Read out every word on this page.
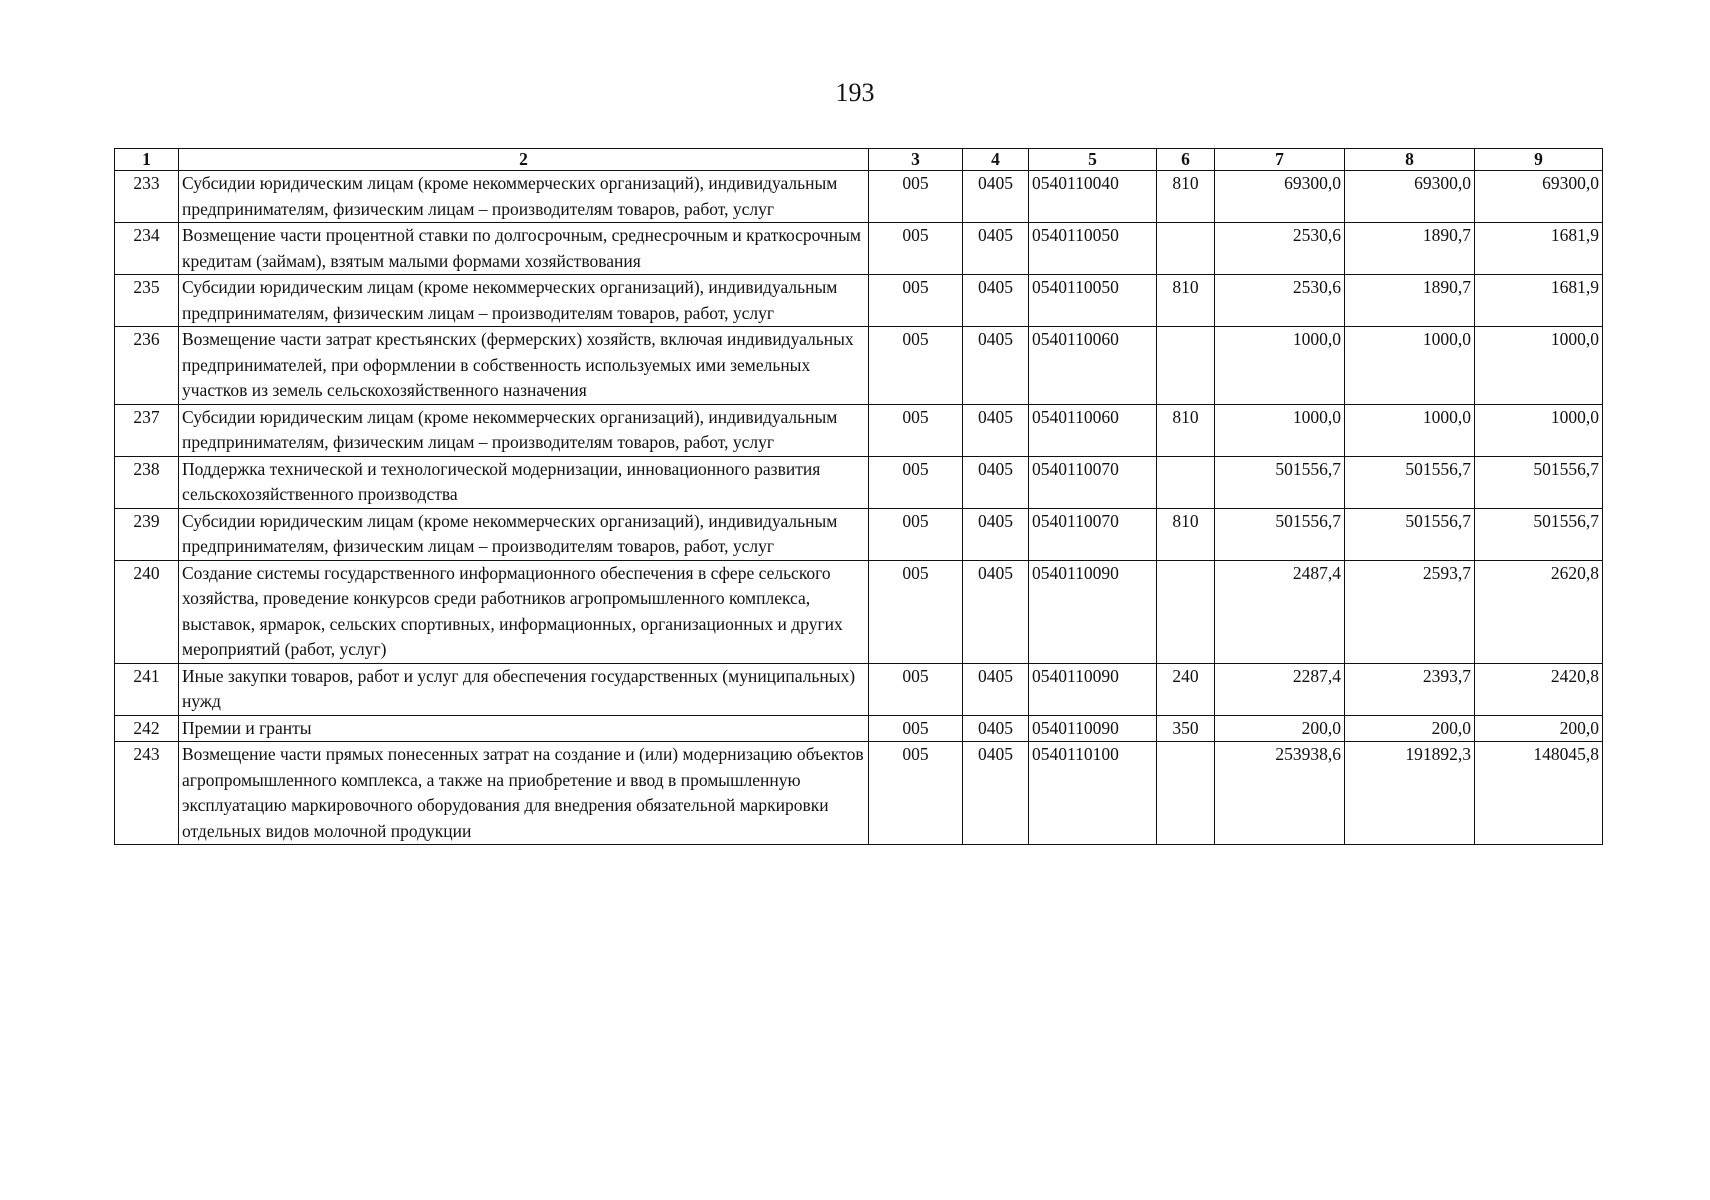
193
1	2	3	4	5	6	7	8	9
233	Субсидии юридическим лицам (кроме некоммерческих организаций), индивидуальным предпринимателям, физическим лицам – производителям товаров, работ, услуг	005	0405	0540110040	810	69300,0	69300,0	69300,0
234	Возмещение части процентной ставки по долгосрочным, среднесрочным и краткосрочным кредитам (займам), взятым малыми формами хозяйствования	005	0405	0540110050		2530,6	1890,7	1681,9
235	Субсидии юридическим лицам (кроме некоммерческих организаций), индивидуальным предпринимателям, физическим лицам – производителям товаров, работ, услуг	005	0405	0540110050	810	2530,6	1890,7	1681,9
236	Возмещение части затрат крестьянских (фермерских) хозяйств, включая индивидуальных предпринимателей, при оформлении в собственность используемых ими земельных участков из земель сельскохозяйственного назначения	005	0405	0540110060		1000,0	1000,0	1000,0
237	Субсидии юридическим лицам (кроме некоммерческих организаций), индивидуальным предпринимателям, физическим лицам – производителям товаров, работ, услуг	005	0405	0540110060	810	1000,0	1000,0	1000,0
238	Поддержка технической и технологической модернизации, инновационного развития сельскохозяйственного производства	005	0405	0540110070		501556,7	501556,7	501556,7
239	Субсидии юридическим лицам (кроме некоммерческих организаций), индивидуальным предпринимателям, физическим лицам – производителям товаров, работ, услуг	005	0405	0540110070	810	501556,7	501556,7	501556,7
240	Создание системы государственного информационного обеспечения в сфере сельского хозяйства, проведение конкурсов среди работников агропромышленного комплекса, выставок, ярмарок, сельских спортивных, информационных, организационных и других мероприятий (работ, услуг)	005	0405	0540110090		2487,4	2593,7	2620,8
241	Иные закупки товаров, работ и услуг для обеспечения государственных (муниципальных) нужд	005	0405	0540110090	240	2287,4	2393,7	2420,8
242	Премии и гранты	005	0405	0540110090	350	200,0	200,0	200,0
243	Возмещение части прямых понесенных затрат на создание и (или) модернизацию объектов агропромышленного комплекса, а также на приобретение и ввод в промышленную эксплуатацию маркировочного оборудования для внедрения обязательной маркировки отдельных видов молочной продукции	005	0405	0540110100		253938,6	191892,3	148045,8
